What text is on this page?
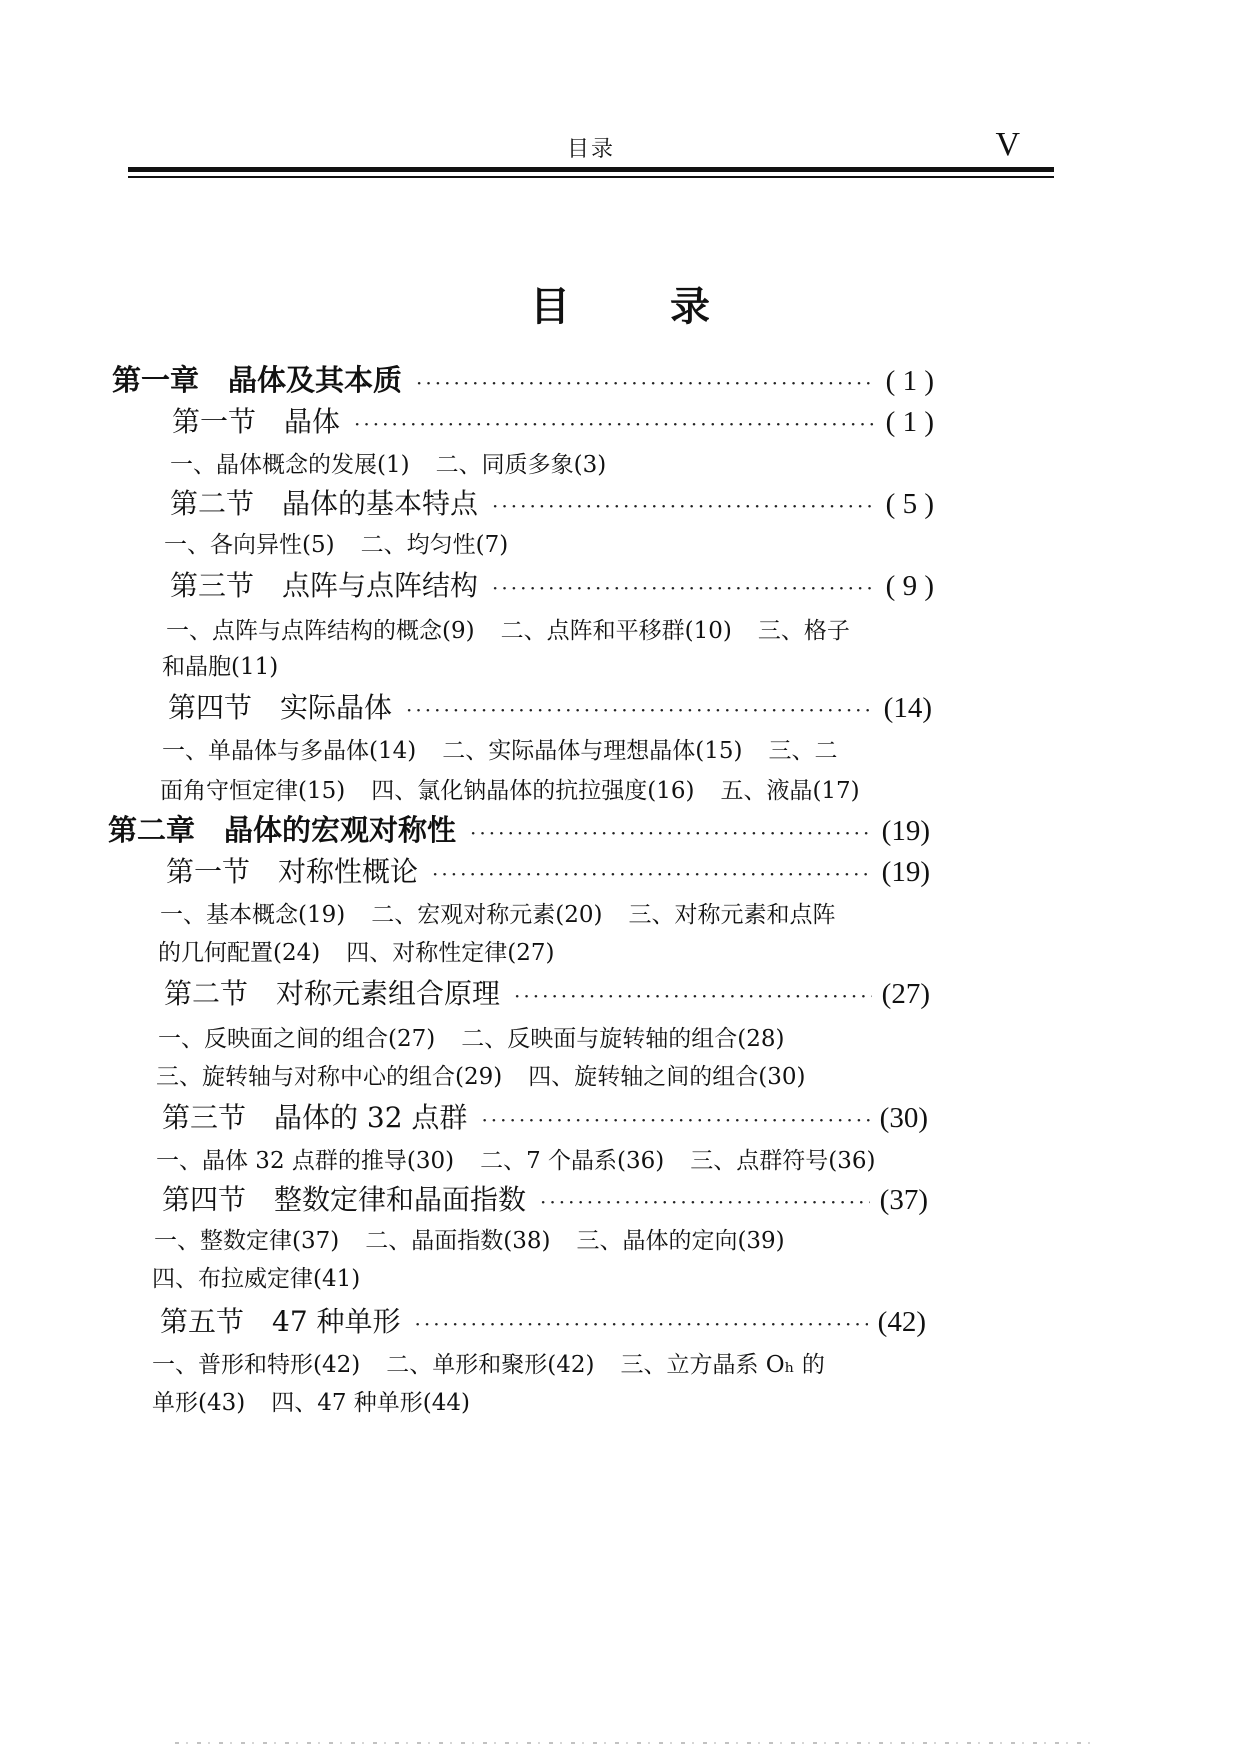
目录	V
目	录
第一章　晶体及其本质 ·····	( 1 )
第一节　晶体 ·····	( 1 )
一、晶体概念的发展(1) 二、同质多象(3)
第二节　晶体的基本特点 ·····	( 5 )
一、各向异性(5) 二、均匀性(7)
第三节　点阵与点阵结构 ·····	( 9 )
一、点阵与点阵结构的概念(9) 二、点阵和平移群(10) 三、格子
和晶胞(11)
第四节　实际晶体 ·····	(14)
一、单晶体与多晶体(14) 二、实际晶体与理想晶体(15) 三、二
面角守恒定律(15) 四、氯化钠晶体的抗拉强度(16) 五、液晶(17)
第二章　晶体的宏观对称性 ·····	(19)
第一节　对称性概论 ·····	(19)
一、基本概念(19) 二、宏观对称元素(20) 三、对称元素和点阵
的几何配置(24) 四、对称性定律(27)
第二节　对称元素组合原理 ·····	(27)
一、反映面之间的组合(27) 二、反映面与旋转轴的组合(28)
三、旋转轴与对称中心的组合(29) 四、旋转轴之间的组合(30)
第三节　晶体的 32 点群 ·····	(30)
一、晶体 32 点群的推导(30) 二、7 个晶系(36) 三、点群符号(36)
第四节　整数定律和晶面指数 ·····	(37)
一、整数定律(37) 二、晶面指数(38) 三、晶体的定向(39)
四、布拉威定律(41)
第五节　47 种单形 ·····	(42)
一、普形和特形(42) 二、单形和聚形(42) 三、立方晶系 Oₕ 的
单形(43) 四、47 种单形(44)
